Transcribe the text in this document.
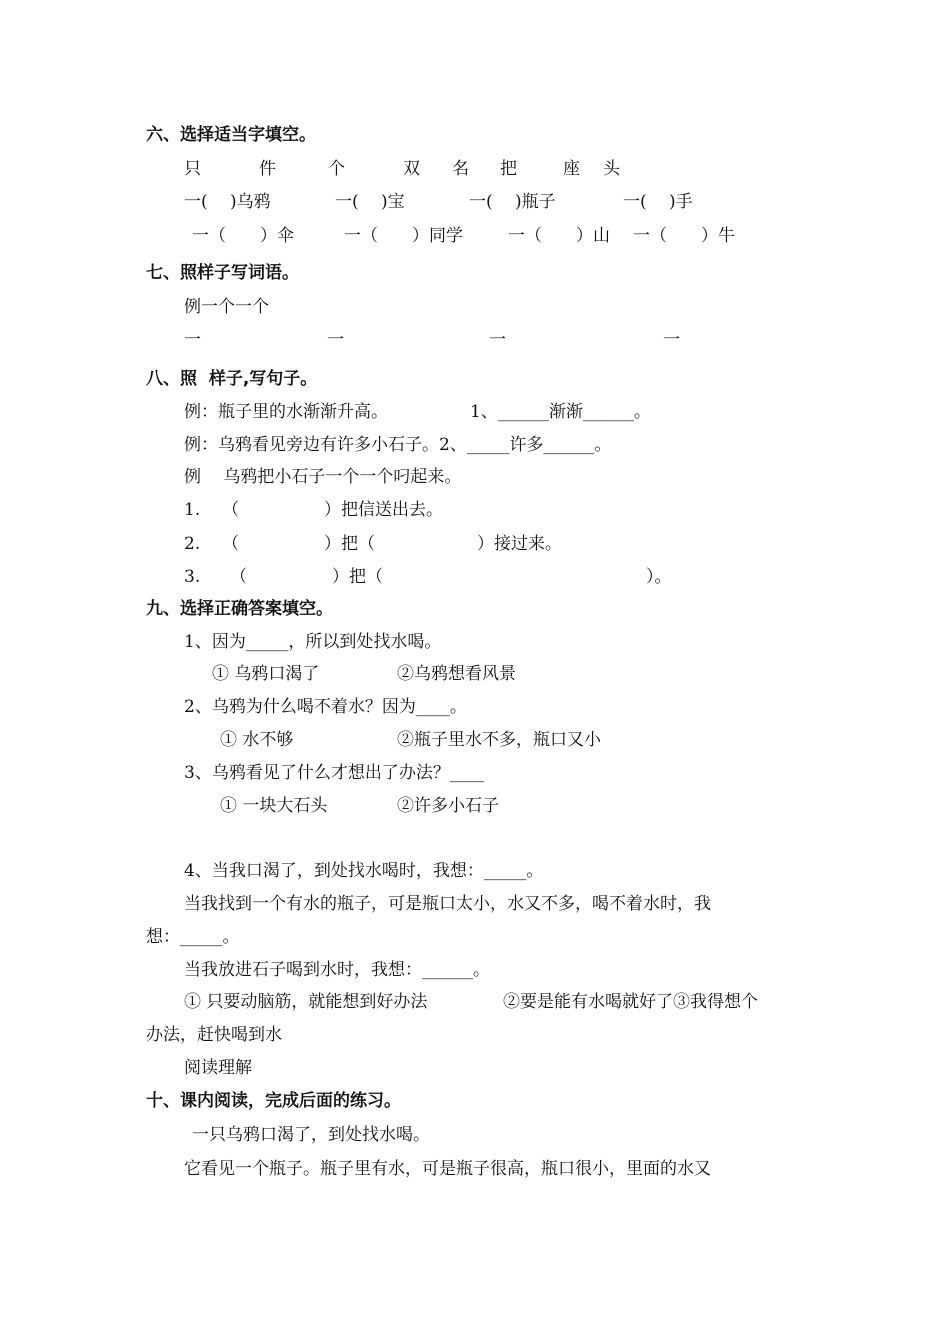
六、选择适当字填空。
只	件	个	双 名 把	座 头
一(　 )乌鸦	一(　 )宝	一(　 )瓶子	一(　 )手
一（　　）伞	一（　　）同学	一（　　）山 一（　　）牛
七、照样子写词语。
例一个一个
一	一	一	一
八、照  样子,写句子。
例：瓶子里的水渐渐升高。	1、______渐渐______。
例：乌鸦看见旁边有许多小石子。2、_____许多______。
例　 乌鸦把小石子一个一个叼起来。
1. （　　　　　）把信送出去。
2. （　　　　　）把（　　　　　　）接过来。
3. （　　　　　）把（	）。
九、选择正确答案填空。
1、因为_____，所以到处找水喝。
① 乌鸦口渴了	②乌鸦想看风景
2、乌鸦为什么喝不着水？因为____。
① 水不够	②瓶子里水不多，瓶口又小
3、乌鸦看见了什么才想出了办法？____
① 一块大石头	②许多小石子
4、当我口渴了，到处找水喝时，我想：_____。
当我找到一个有水的瓶子，可是瓶口太小，水又不多，喝不着水时，我
想：_____。
当我放进石子喝到水时，我想：______。
① 只要动脑筋，就能想到好办法	②要是能有水喝就好了③我得想个
办法，赶快喝到水
阅读理解
十、课内阅读，完成后面的练习。
一只乌鸦口渴了，到处找水喝。
它看见一个瓶子。瓶子里有水，可是瓶子很高，瓶口很小，里面的水又
